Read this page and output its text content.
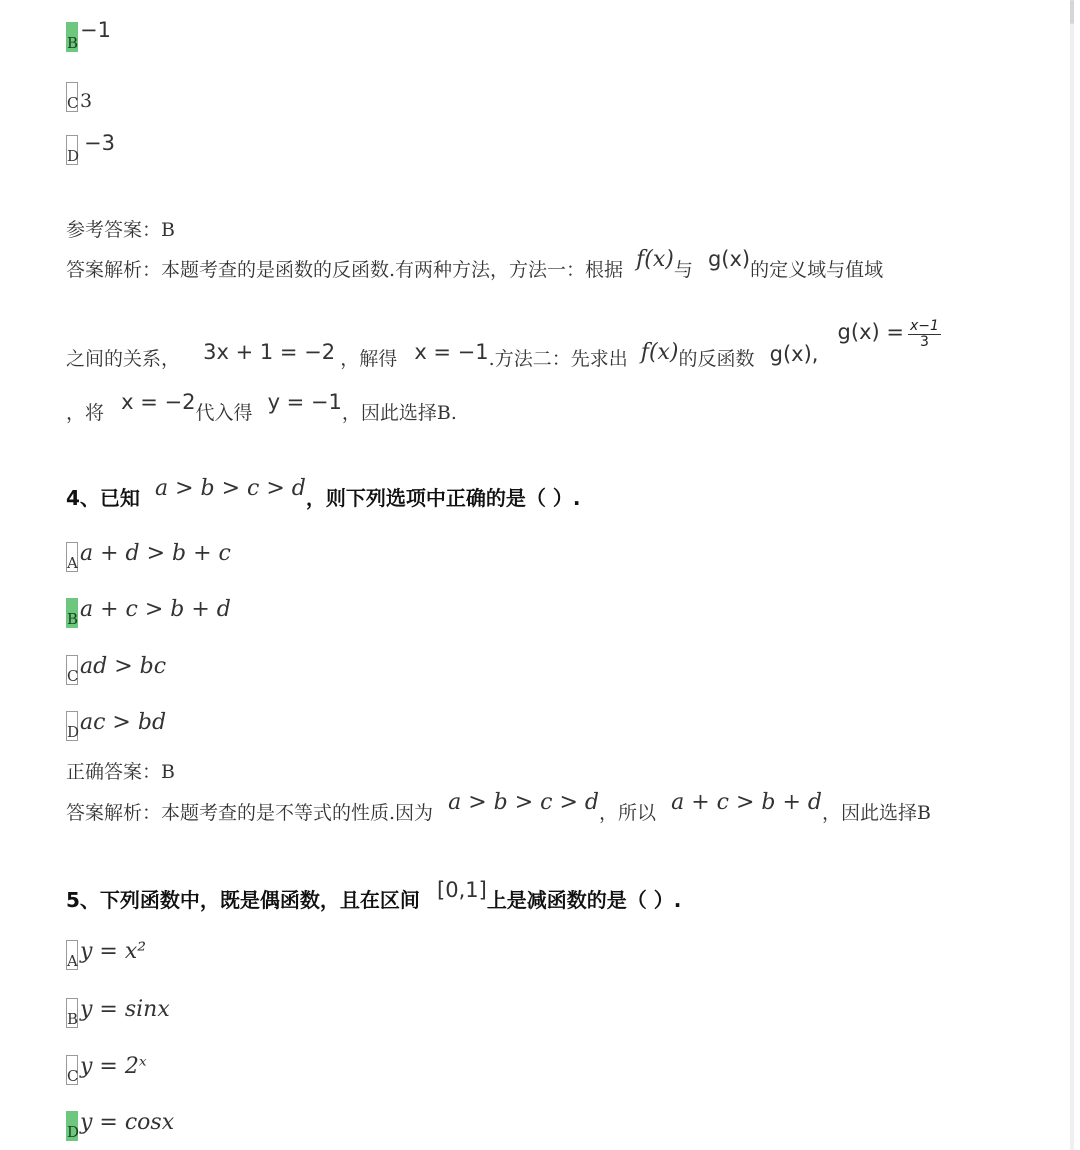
B
−1
C 3
D
−3
参考答案：B
答案解析：本题考查的是函数的反函数.有两种方法，方法一：根据 f(x)与 g(x)的定义域与值域
之间的关系， 3x + 1 = −2 ，解得 x = −1.方法二：先求出 f(x)的反函数 g(x), $g(x) = \frac{x-1}{3}$
，将 x = −2代入得 y = −1，因此选择B.
4、已知 a > b > c > d，则下列选项中正确的是（ ）.
A a + d > b + c
B a + c > b + d
C ad > bc
D ac > bd
正确答案：B
答案解析：本题考查的是不等式的性质.因为 a > b > c > d，所以 a + c > b + d，因此选择B
5、下列函数中，既是偶函数，且在区间 [0,1]上是减函数的是（ ）.
A y = x²
B y = sinx
C y = 2ˣ
D y = cosx
